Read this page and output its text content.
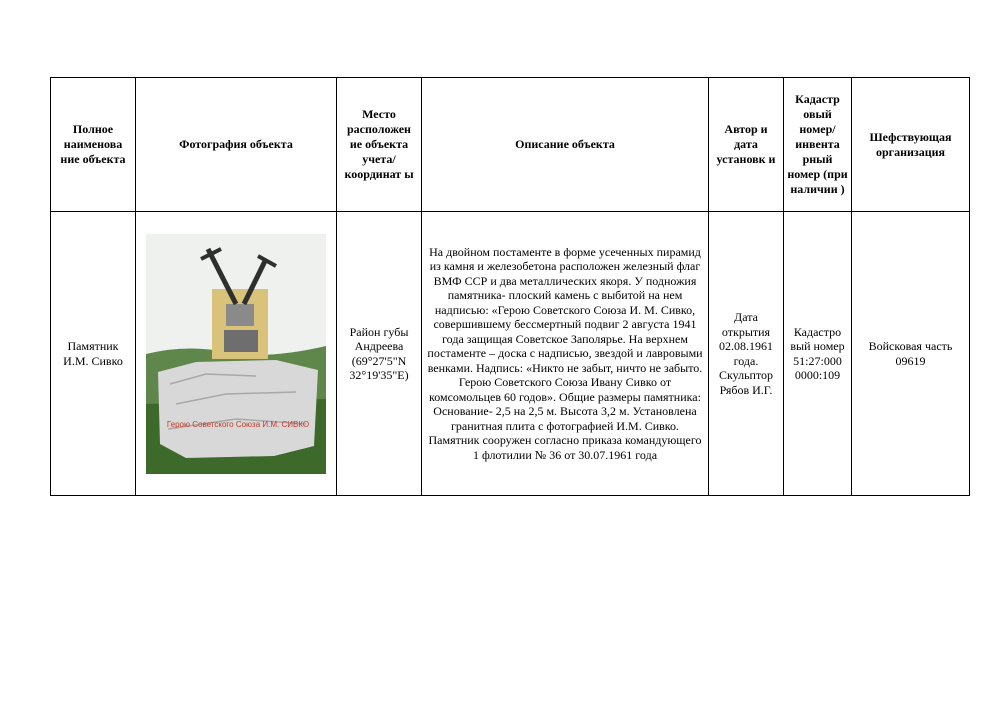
Полное наименова ние объекта	Фотография объекта	Место расположен ие объекта учета/ координат ы	Описание объекта	Автор и дата установк и	Кадастр овый номер/ инвента рный номер (при наличии )	Шефствующая организация
Памятник И.М. Сивко	Герою Советского Союза И.М. СИВКО	Район губы Андреева (69°27'5"N 32°19'35"E)	На двойном постаменте в форме усеченных пирамид из камня и железобетона расположен железный флаг ВМФ ССР и два металлических якоря. У подножия памятника- плоский камень с выбитой на нем надписью: «Герою Советского Союза И. М. Сивко, совершившему бессмертный подвиг 2 августа 1941 года защищая Советское Заполярье. На верхнем постаменте – доска с надписью, звездой и лавровыми венками. Надпись: «Никто не забыт, ничто не забыто. Герою Советского Союза Ивану Сивко от комсомольцев 60 годов». Общие размеры памятника: Основание- 2,5 на 2,5 м. Высота 3,2 м. Установлена гранитная плита с фотографией И.М. Сивко. Памятник сооружен согласно приказа командующего 1 флотилии № 36 от 30.07.1961 года	Дата открытия 02.08.1961 года. Скульптор Рябов И.Г.	Кадастро вый номер 51:27:000 0000:109	Войсковая часть 09619
